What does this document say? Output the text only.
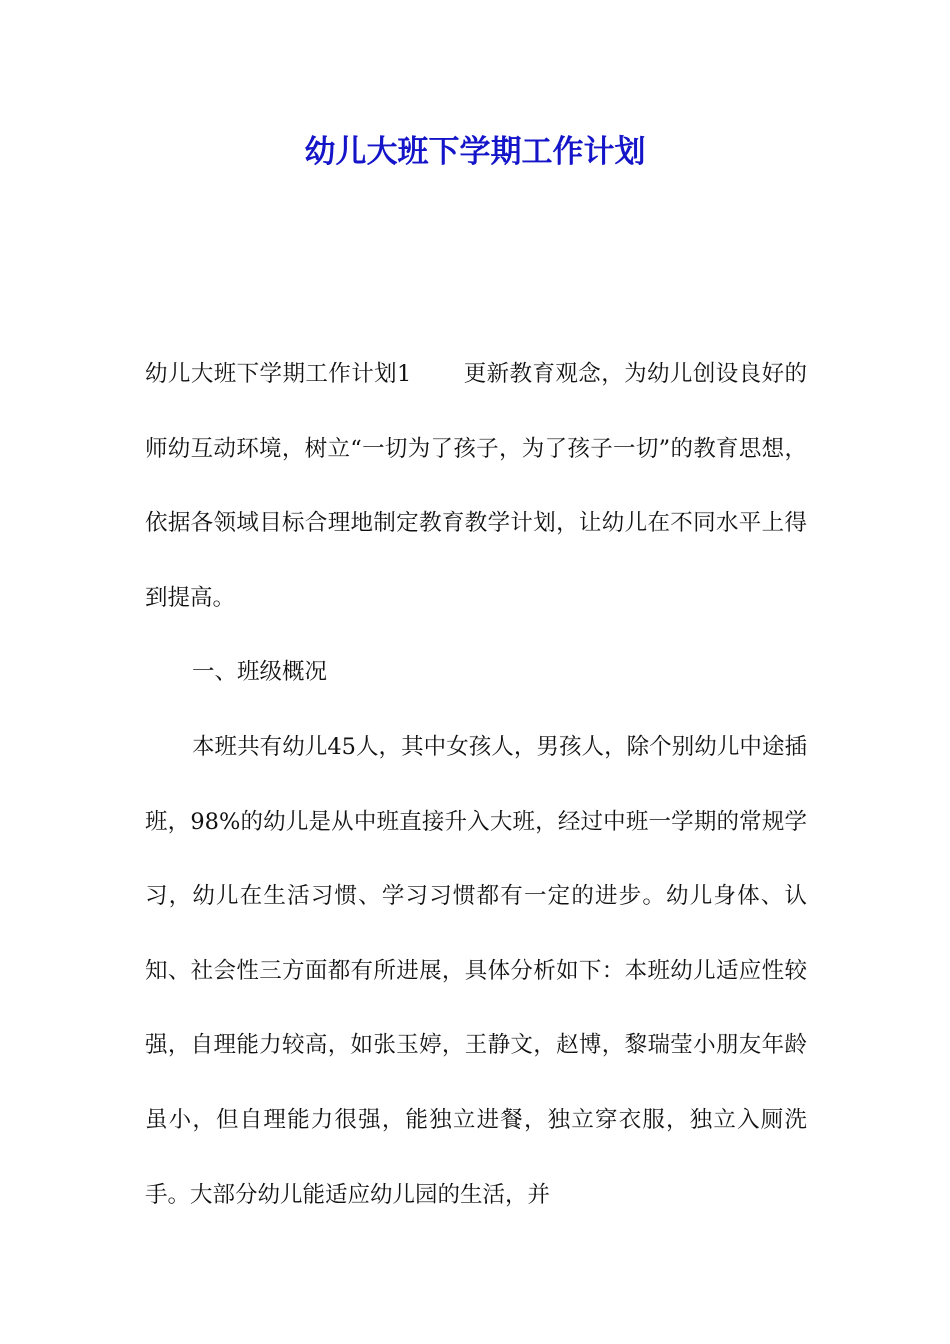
幼儿大班下学期工作计划

幼儿大班下学期工作计划1 更新教育观念，为幼儿创设良好的师幼互动环境，树立“一切为了孩子，为了孩子一切”的教育思想，依据各领域目标合理地制定教育教学计划，让幼儿在不同水平上得到提高。

一、班级概况

本班共有幼儿45人，其中女孩人，男孩人，除个别幼儿中途插班，98%的幼儿是从中班直接升入大班，经过中班一学期的常规学习，幼儿在生活习惯、学习习惯都有一定的进步。幼儿身体、认知、社会性三方面都有所进展，具体分析如下：本班幼儿适应性较强，自理能力较高，如张玉婷，王静文，赵博，黎瑞莹小朋友年龄虽小，但自理能力很强，能独立进餐，独立穿衣服，独立入厕洗手。大部分幼儿能适应幼儿园的生活，并
